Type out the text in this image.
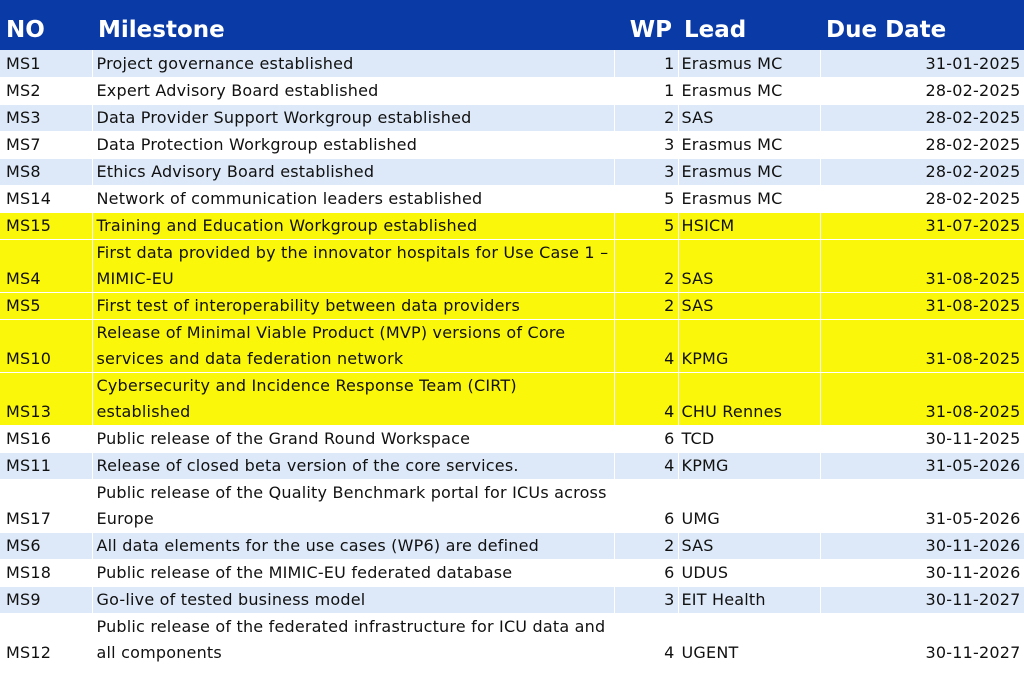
NO	Milestone	WP	Lead	Due Date
MS1	Project governance established	1	Erasmus MC	31-01-2025
MS2	Expert Advisory Board established	1	Erasmus MC	28-02-2025
MS3	Data Provider Support Workgroup established	2	SAS	28-02-2025
MS7	Data Protection Workgroup established	3	Erasmus MC	28-02-2025
MS8	Ethics Advisory Board established	3	Erasmus MC	28-02-2025
MS14	Network of communication leaders established	5	Erasmus MC	28-02-2025
MS15	Training and Education Workgroup established	5	HSICM	31-07-2025
MS4	First data provided by the innovator hospitals for Use Case 1 – MIMIC-EU	2	SAS	31-08-2025
MS5	First test of interoperability between data providers	2	SAS	31-08-2025
MS10	Release of Minimal Viable Product (MVP) versions of Core services and data federation network	4	KPMG	31-08-2025
MS13	Cybersecurity and Incidence Response Team (CIRT) established	4	CHU Rennes	31-08-2025
MS16	Public release of the Grand Round Workspace	6	TCD	30-11-2025
MS11	Release of closed beta version of the core services.	4	KPMG	31-05-2026
MS17	Public release of the Quality Benchmark portal for ICUs across Europe	6	UMG	31-05-2026
MS6	All data elements for the use cases (WP6) are defined	2	SAS	30-11-2026
MS18	Public release of the MIMIC-EU federated database	6	UDUS	30-11-2026
MS9	Go-live of tested business model	3	EIT Health	30-11-2027
MS12	Public release of the federated infrastructure for ICU data and all components	4	UGENT	30-11-2027
